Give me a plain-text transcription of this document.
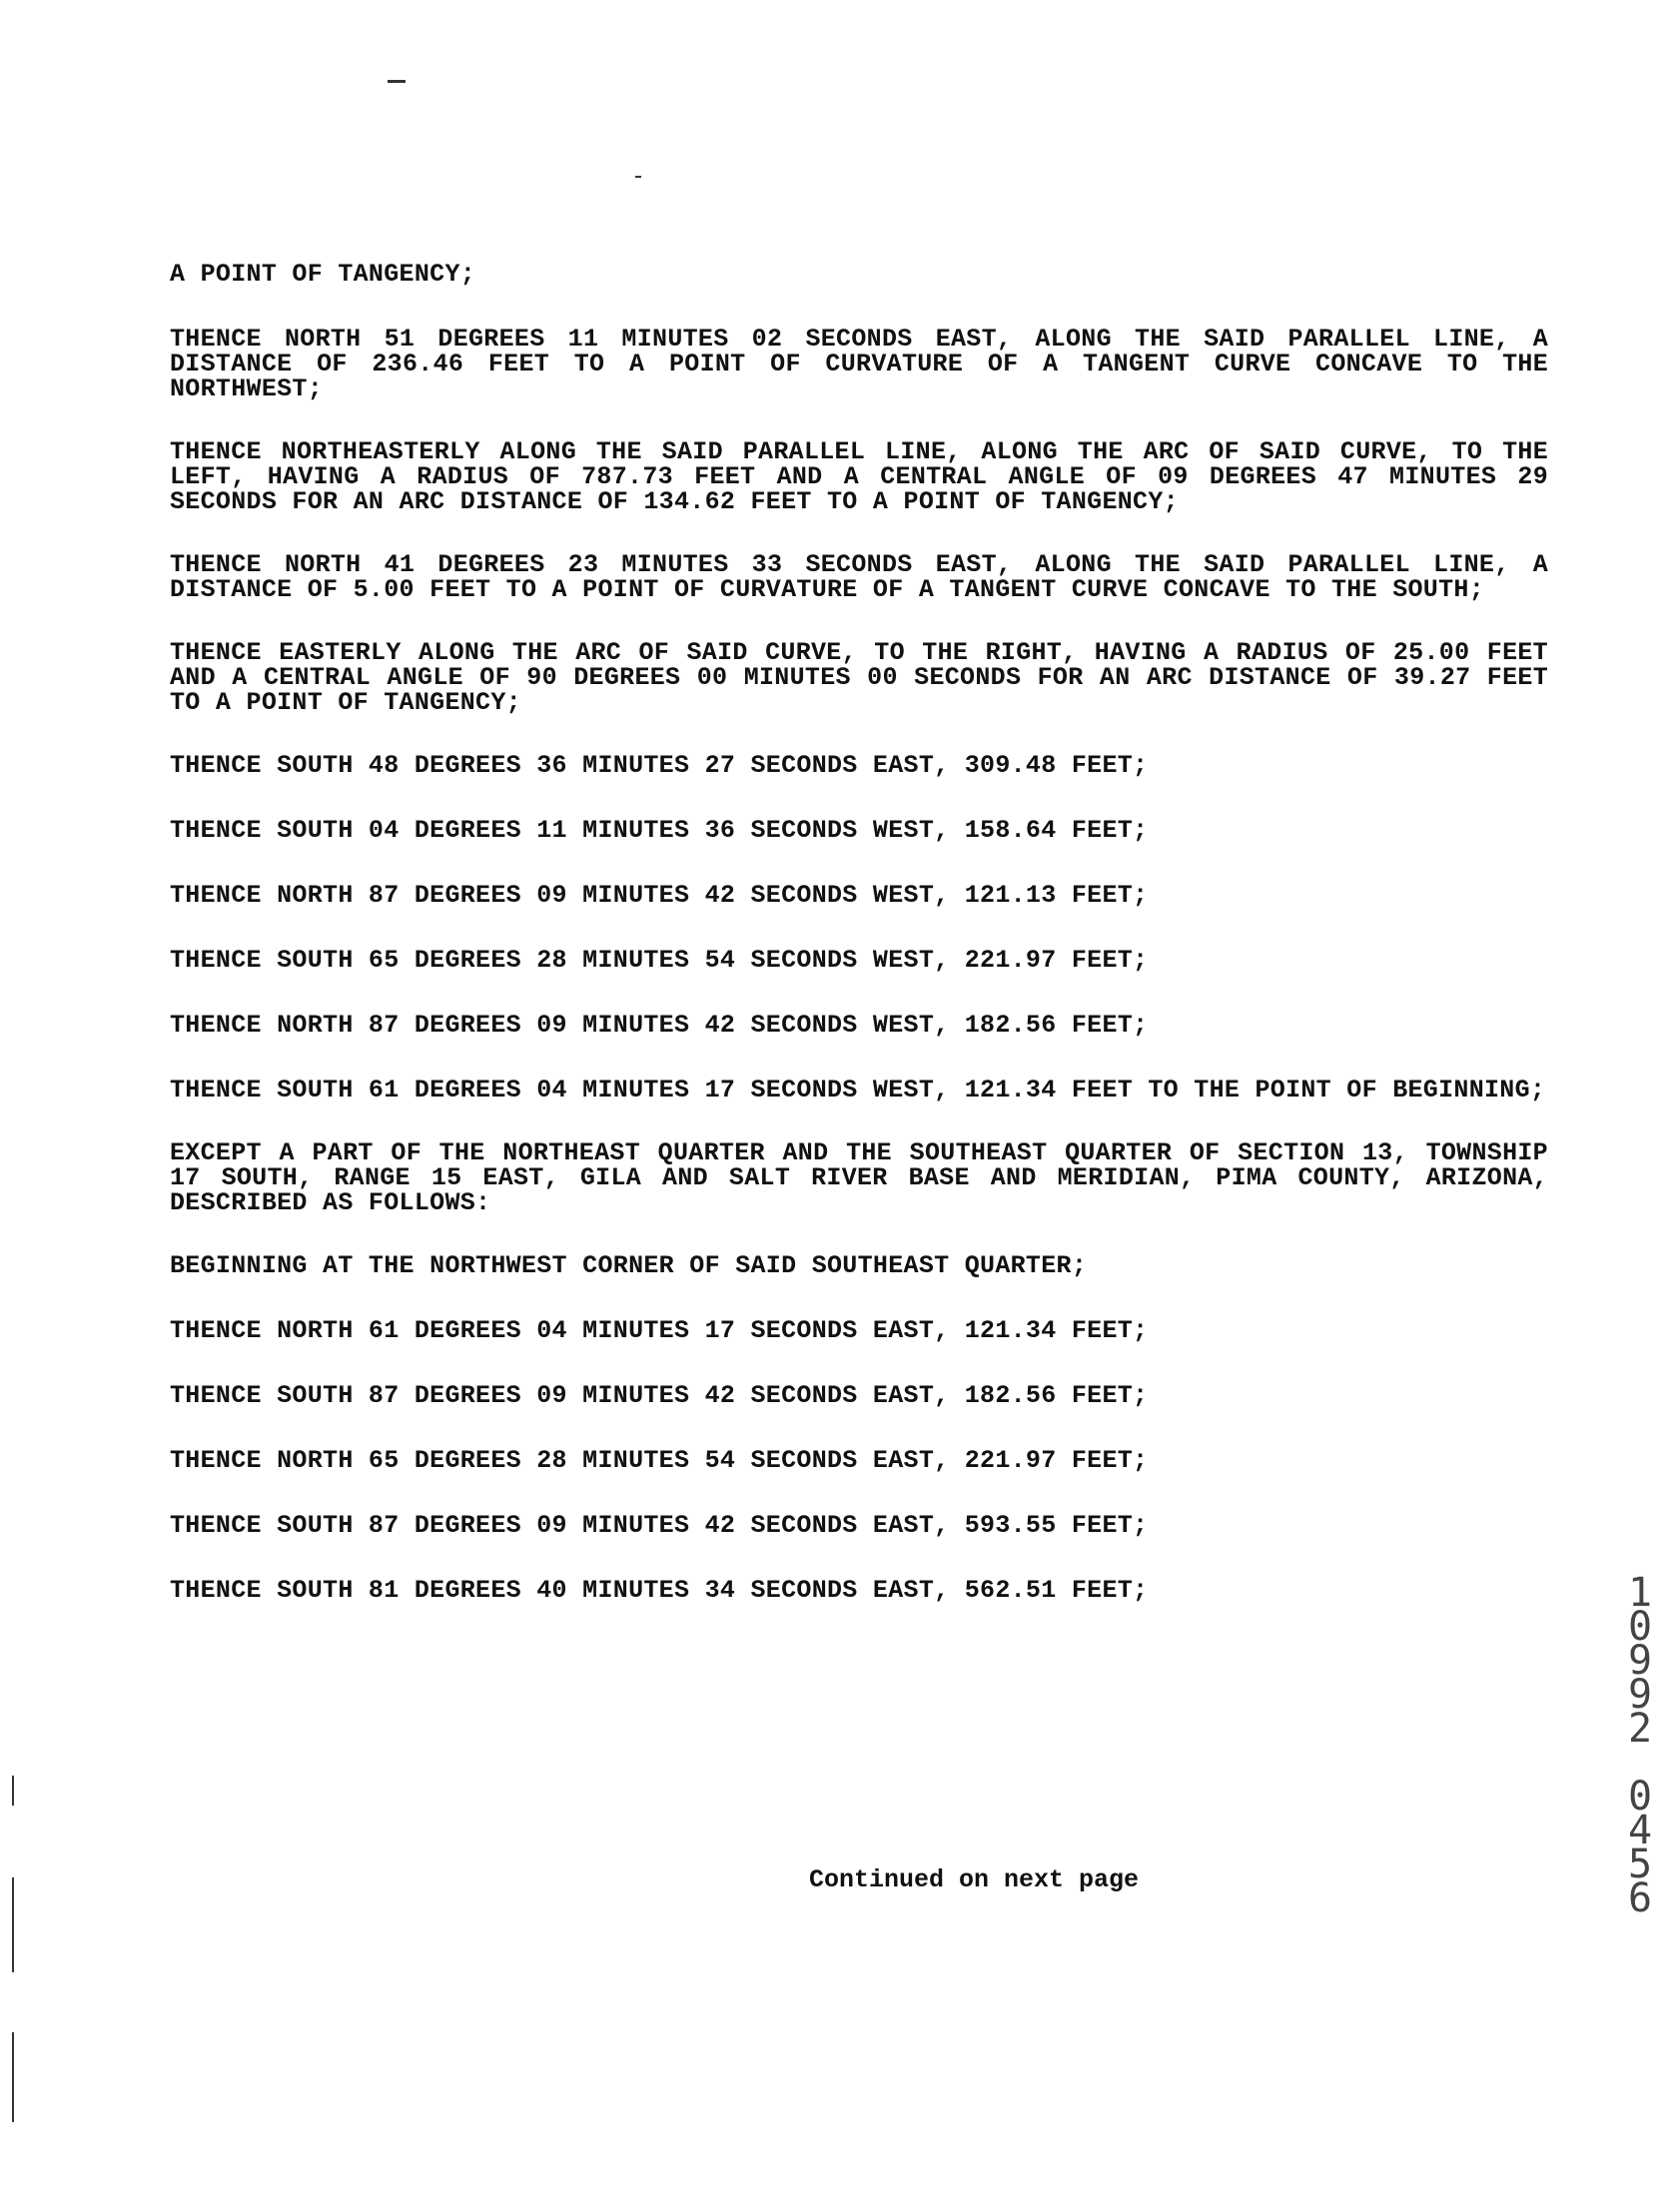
A POINT OF TANGENCY;

THENCE NORTH 51 DEGREES 11 MINUTES 02 SECONDS EAST, ALONG THE SAID PARALLEL LINE, A DISTANCE OF 236.46 FEET TO A POINT OF CURVATURE OF A TANGENT CURVE CONCAVE TO THE NORTHWEST;

THENCE NORTHEASTERLY ALONG THE SAID PARALLEL LINE, ALONG THE ARC OF SAID CURVE, TO THE LEFT, HAVING A RADIUS OF 787.73 FEET AND A CENTRAL ANGLE OF 09 DEGREES 47 MINUTES 29 SECONDS FOR AN ARC DISTANCE OF 134.62 FEET TO A POINT OF TANGENCY;

THENCE NORTH 41 DEGREES 23 MINUTES 33 SECONDS EAST, ALONG THE SAID PARALLEL LINE, A DISTANCE OF 5.00 FEET TO A POINT OF CURVATURE OF A TANGENT CURVE CONCAVE TO THE SOUTH;

THENCE EASTERLY ALONG THE ARC OF SAID CURVE, TO THE RIGHT, HAVING A RADIUS OF 25.00 FEET AND A CENTRAL ANGLE OF 90 DEGREES 00 MINUTES 00 SECONDS FOR AN ARC DISTANCE OF 39.27 FEET TO A POINT OF TANGENCY;

THENCE SOUTH 48 DEGREES 36 MINUTES 27 SECONDS EAST, 309.48 FEET;

THENCE SOUTH 04 DEGREES 11 MINUTES 36 SECONDS WEST, 158.64 FEET;

THENCE NORTH 87 DEGREES 09 MINUTES 42 SECONDS WEST, 121.13 FEET;

THENCE SOUTH 65 DEGREES 28 MINUTES 54 SECONDS WEST, 221.97 FEET;

THENCE NORTH 87 DEGREES 09 MINUTES 42 SECONDS WEST, 182.56 FEET;

THENCE SOUTH 61 DEGREES 04 MINUTES 17 SECONDS WEST, 121.34 FEET TO THE POINT OF BEGINNING;

EXCEPT A PART OF THE NORTHEAST QUARTER AND THE SOUTHEAST QUARTER OF SECTION 13, TOWNSHIP 17 SOUTH, RANGE 15 EAST, GILA AND SALT RIVER BASE AND MERIDIAN, PIMA COUNTY, ARIZONA, DESCRIBED AS FOLLOWS:

BEGINNING AT THE NORTHWEST CORNER OF SAID SOUTHEAST QUARTER;

THENCE NORTH 61 DEGREES 04 MINUTES 17 SECONDS EAST, 121.34 FEET;

THENCE SOUTH 87 DEGREES 09 MINUTES 42 SECONDS EAST, 182.56 FEET;

THENCE NORTH 65 DEGREES 28 MINUTES 54 SECONDS EAST, 221.97 FEET;

THENCE SOUTH 87 DEGREES 09 MINUTES 42 SECONDS EAST, 593.55 FEET;

THENCE SOUTH 81 DEGREES 40 MINUTES 34 SECONDS EAST, 562.51 FEET;

Continued on next page
1
0
9
9
2

0
4
5
6
